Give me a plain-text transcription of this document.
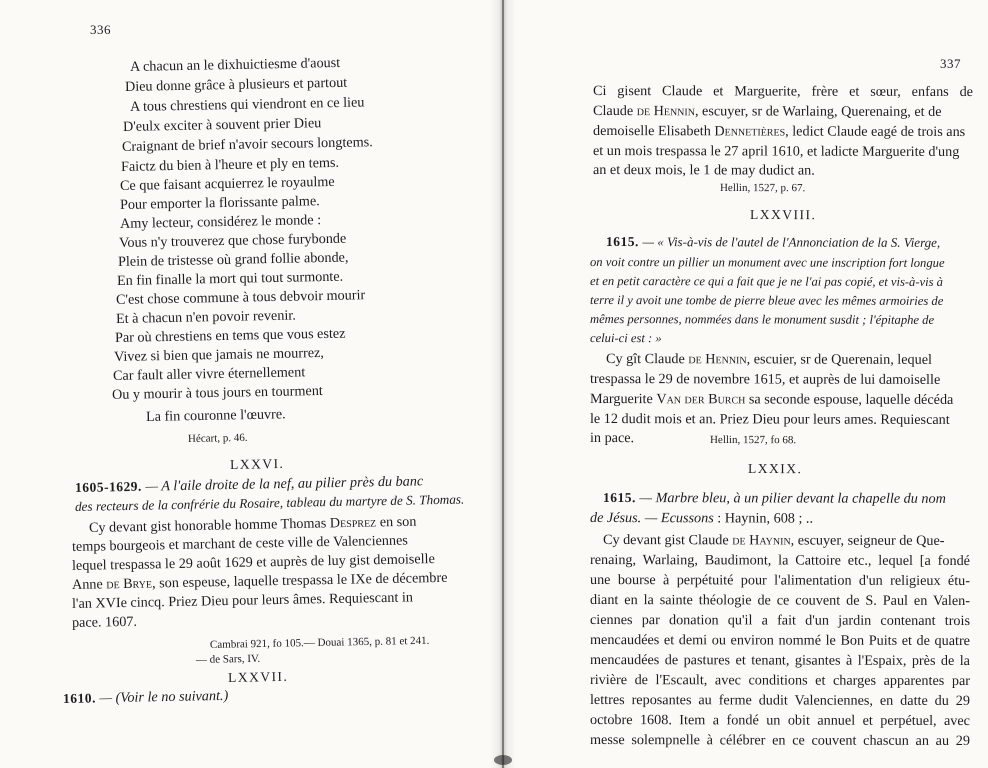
336
A chacun an le dixhuictiesme d'aoust
Dieu donne grâce à plusieurs et partout
A tous chrestiens qui viendront en ce lieu
D'eulx exciter à souvent prier Dieu
Craignant de brief n'avoir secours longtems.
Faictz du bien à l'heure et ply en tems.
Ce que faisant acquierrez le royaulme
Pour emporter la florissante palme.
Amy lecteur, considérez le monde :
Vous n'y trouverez que chose furybonde
Plein de tristesse où grand follie abonde,
En fin finalle la mort qui tout surmonte.
C'est chose commune à tous debvoir mourir
Et à chacun n'en povoir revenir.
Par où chrestiens en tems que vous estez
Vivez si bien que jamais ne mourrez,
Car fault aller vivre éternellement
Ou y mourir à tous jours en tourment
La fin couronne l'œuvre.
Hécart, p. 46.
LXXVI.
1605-1629. — A l'aile droite de la nef, au pilier près du banc
des recteurs de la confrérie du Rosaire, tableau du martyre de S. Thomas.
Cy devant gist honorable homme Thomas Desprez en son
temps bourgeois et marchant de ceste ville de Valenciennes
lequel trespassa le 29 août 1629 et auprès de luy gist demoiselle
Anne de Brye, son espeuse, laquelle trespassa le IXe de décembre
l'an XVIe cincq. Priez Dieu pour leurs âmes. Requiescant in
pace. 1607.
Cambrai 921, fo 105.— Douai 1365, p. 81 et 241.
— de Sars, IV.
LXXVII.
1610. — (Voir le no suivant.)
337
Ci gisent Claude et Marguerite, frère et sœur, enfans de
Claude de Hennin, escuyer, sr de Warlaing, Querenaing, et de
demoiselle Elisabeth Dennetières, ledict Claude eagé de trois ans
et un mois trespassa le 27 april 1610, et ladicte Marguerite d'ung
an et deux mois, le 1 de may dudict an.
Hellin, 1527, p. 67.
LXXVIII.
1615. — « Vis-à-vis de l'autel de l'Annonciation de la S. Vierge,
on voit contre un pillier un monument avec une inscription fort longue
et en petit caractère ce qui a fait que je ne l'ai pas copié, et vis-à-vis à
terre il y avoit une tombe de pierre bleue avec les mêmes armoiries de
mêmes personnes, nommées dans le monument susdit ; l'épitaphe de
celui-ci est : »
Cy gît Claude de Hennin, escuier, sr de Querenain, lequel
trespassa le 29 de novembre 1615, et auprès de lui damoiselle
Marguerite Van der Burch sa seconde espouse, laquelle décéda
le 12 dudit mois et an. Priez Dieu pour leurs ames. Requiescant
in pace.	Hellin, 1527, fo 68.
LXXIX.
1615. — Marbre bleu, à un pilier devant la chapelle du nom
de Jésus. — Ecussons : Haynin, 608 ; ..
Cy devant gist Claude de Haynin, escuyer, seigneur de Que-
renaing, Warlaing, Baudimont, la Cattoire etc., lequel [a fondé
une bourse à perpétuité pour l'alimentation d'un religieux étu-
diant en la sainte théologie de ce couvent de S. Paul en Valen-
ciennes par donation qu'il a fait d'un jardin contenant trois
mencaudées et demi ou environ nommé le Bon Puits et de quatre
mencaudées de pastures et tenant, gisantes à l'Espaix, près de la
rivière de l'Escault, avec conditions et charges apparentes par
lettres reposantes au ferme dudit Valenciennes, en datte du 29
octobre 1608. Item a fondé un obit annuel et perpétuel, avec
messe solempnelle à célébrer en ce couvent chascun an au 29
